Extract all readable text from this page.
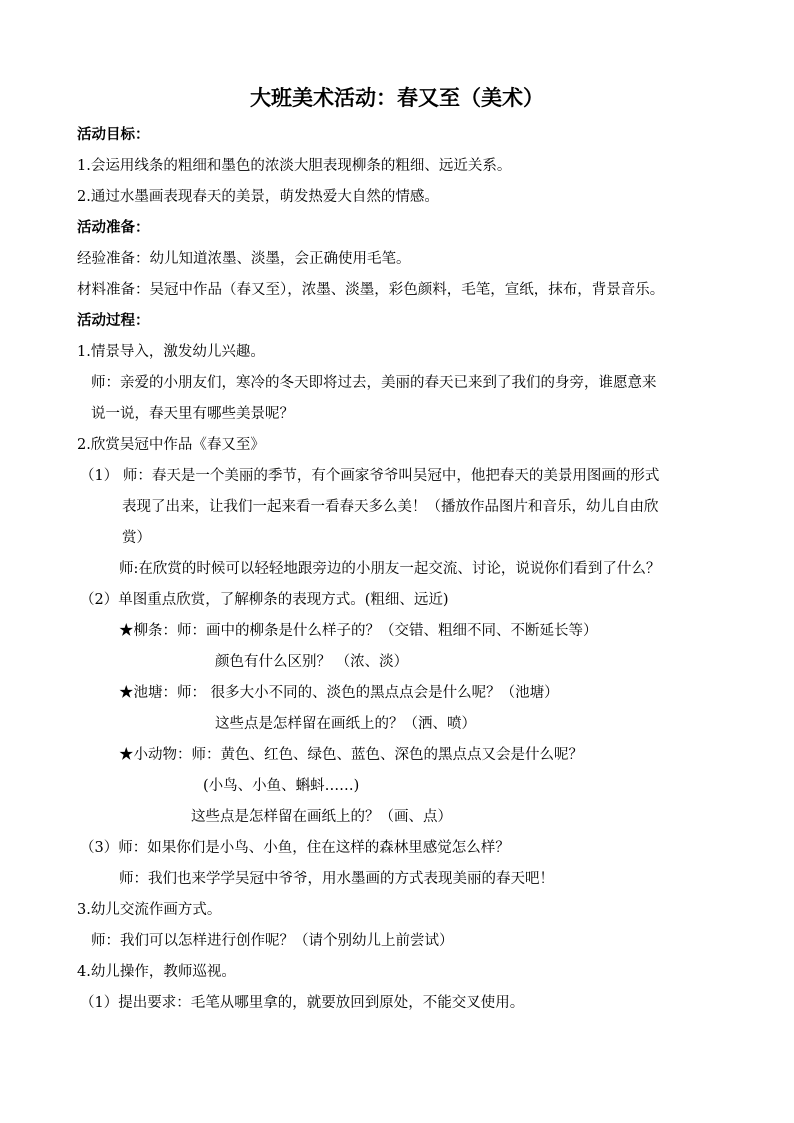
大班美术活动：春又至（美术）
活动目标：
1.会运用线条的粗细和墨色的浓淡大胆表现柳条的粗细、远近关系。
2.通过水墨画表现春天的美景，萌发热爱大自然的情感。
活动准备：
经验准备：幼儿知道浓墨、淡墨，会正确使用毛笔。
材料准备：吴冠中作品（春又至），浓墨、淡墨，彩色颜料，毛笔，宣纸，抹布，背景音乐。
活动过程：
1.情景导入，激发幼儿兴趣。
师：亲爱的小朋友们，寒冷的冬天即将过去，美丽的春天已来到了我们的身旁，谁愿意来
说一说，春天里有哪些美景呢？
2.欣赏吴冠中作品《春又至》
（1） 师：春天是一个美丽的季节，有个画家爷爷叫吴冠中，他把春天的美景用图画的形式
表现了出来，让我们一起来看一看春天多么美！（播放作品图片和音乐，幼儿自由欣
赏）
师:在欣赏的时候可以轻轻地跟旁边的小朋友一起交流、讨论，说说你们看到了什么？
（2）单图重点欣赏，了解柳条的表现方式。(粗细、远近)
★柳条：师：画中的柳条是什么样子的？（交错、粗细不同、不断延长等）
颜色有什么区别？ （浓、淡）
★池塘：师： 很多大小不同的、淡色的黑点点会是什么呢？（池塘）
这些点是怎样留在画纸上的？（洒、喷）
★小动物：师：黄色、红色、绿色、蓝色、深色的黑点点又会是什么呢？
(小鸟、小鱼、蝌蚪……)
这些点是怎样留在画纸上的？（画、点）
（3）师：如果你们是小鸟、小鱼，住在这样的森林里感觉怎么样？
师：我们也来学学吴冠中爷爷，用水墨画的方式表现美丽的春天吧！
3.幼儿交流作画方式。
师：我们可以怎样进行创作呢？（请个别幼儿上前尝试）
4.幼儿操作，教师巡视。
（1）提出要求：毛笔从哪里拿的，就要放回到原处，不能交叉使用。
